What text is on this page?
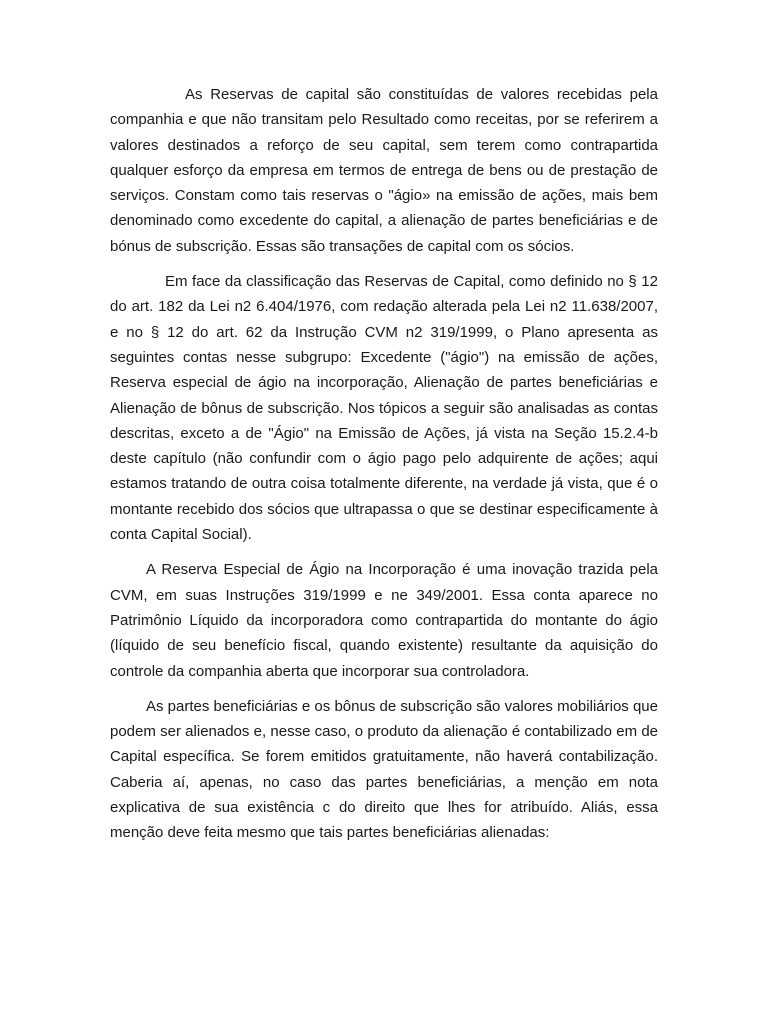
As Reservas de capital são constituídas de valores recebidas pela companhia e que não transitam pelo Resultado como receitas, por se referirem a valores destinados a reforço de seu capital, sem terem como contrapartida qualquer esforço da empresa em termos de entrega de bens ou de prestação de serviços. Constam como tais reservas o "ágio» na emissão de ações, mais bem denominado como excedente do capital, a alienação de partes beneficiárias e de bónus de subscrição. Essas são transações de capital com os sócios.

Em face da classificação das Reservas de Capital, como definido no § 12 do art. 182 da Lei n2 6.404/1976, com redação alterada pela Lei n2 11.638/2007, e no § 12 do art. 62 da Instrução CVM n2 319/1999, o Plano apresenta as seguintes contas nesse subgrupo: Excedente ("ágio") na emissão de ações, Reserva especial de ágio na incorporação, Alienação de partes beneficiárias e Alienação de bônus de subscrição. Nos tópicos a seguir são analisadas as contas descritas, exceto a de "Ágio" na Emissão de Ações, já vista na Seção 15.2.4-b deste capítulo (não confundir com o ágio pago pelo adquirente de ações; aqui estamos tratando de outra coisa totalmente diferente, na verdade já vista, que é o montante recebido dos sócios que ultrapassa o que se destinar especificamente à conta Capital Social).

A Reserva Especial de Ágio na Incorporação é uma inovação trazida pela CVM, em suas Instruções 319/1999 e ne 349/2001. Essa conta aparece no Patrimônio Líquido da incorporadora como contrapartida do montante do ágio (líquido de seu benefício fiscal, quando existente) resultante da aquisição do controle da companhia aberta que incorporar sua controladora.

As partes beneficiárias e os bônus de subscrição são valores mobiliários que podem ser alienados e, nesse caso, o produto da alienação é contabilizado em de Capital específica. Se forem emitidos gratuitamente, não haverá contabilização. Caberia aí, apenas, no caso das partes beneficiárias, a menção em nota explicativa de sua existência c do direito que lhes for atribuído. Aliás, essa menção deve feita mesmo que tais partes beneficiárias alienadas:
